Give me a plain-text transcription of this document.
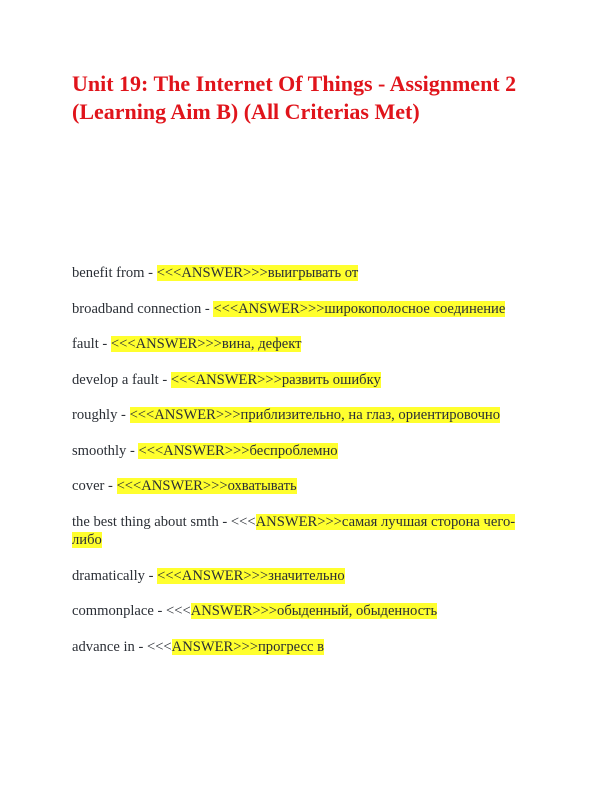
Unit 19: The Internet Of Things - Assignment 2 (Learning Aim B) (All Criterias Met)

benefit from - <<<ANSWER>>>выигрывать от

broadband connection - <<<ANSWER>>>широкополосное соединение

fault - <<<ANSWER>>>вина, дефект

develop a fault - <<<ANSWER>>>развить ошибку

roughly - <<<ANSWER>>>приблизительно, на глаз, ориентировочно

smoothly - <<<ANSWER>>>беспроблемно

cover - <<<ANSWER>>>охватывать

the best thing about smth - <<<ANSWER>>>самая лучшая сторона чего-либо

dramatically - <<<ANSWER>>>значительно

commonplace - <<<ANSWER>>>обыденный, обыденность

advance in - <<<ANSWER>>>прогресс в
